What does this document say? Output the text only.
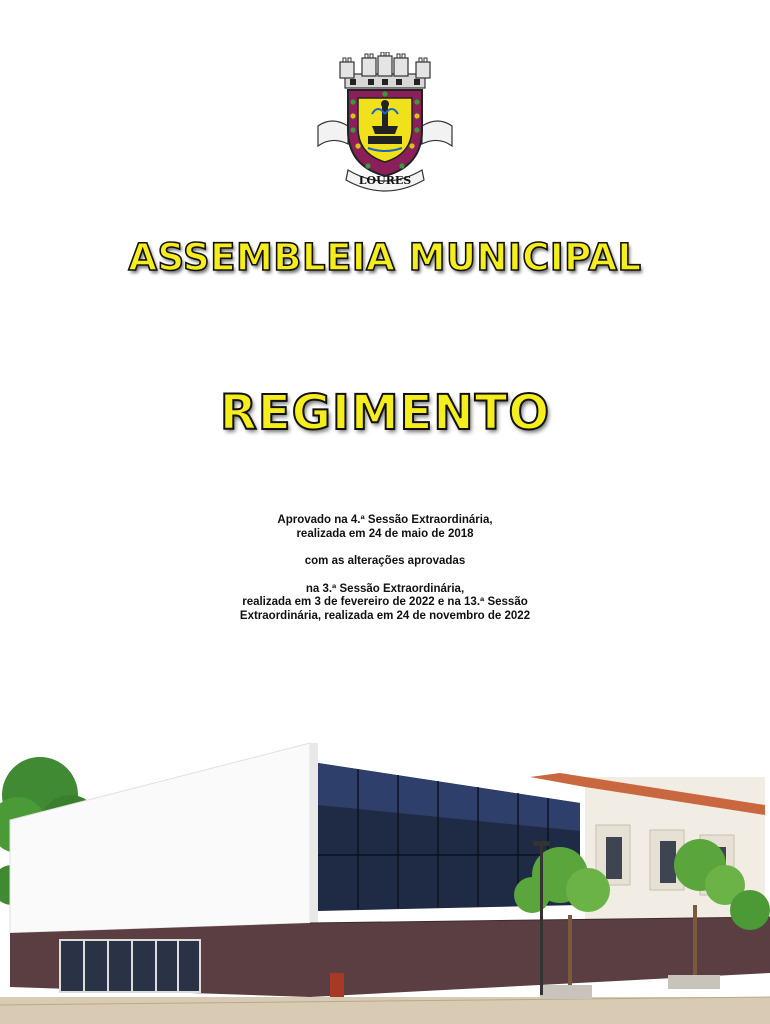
LOURES
ASSEMBLEIA MUNICIPAL
REGIMENTO
Aprovado na 4.ª Sessão Extraordinária,
realizada em 24 de maio de 2018
com as alterações aprovadas
na 3.ª Sessão Extraordinária,
realizada em 3 de fevereiro de 2022 e na 13.ª Sessão
Extraordinária, realizada em 24 de novembro de 2022
